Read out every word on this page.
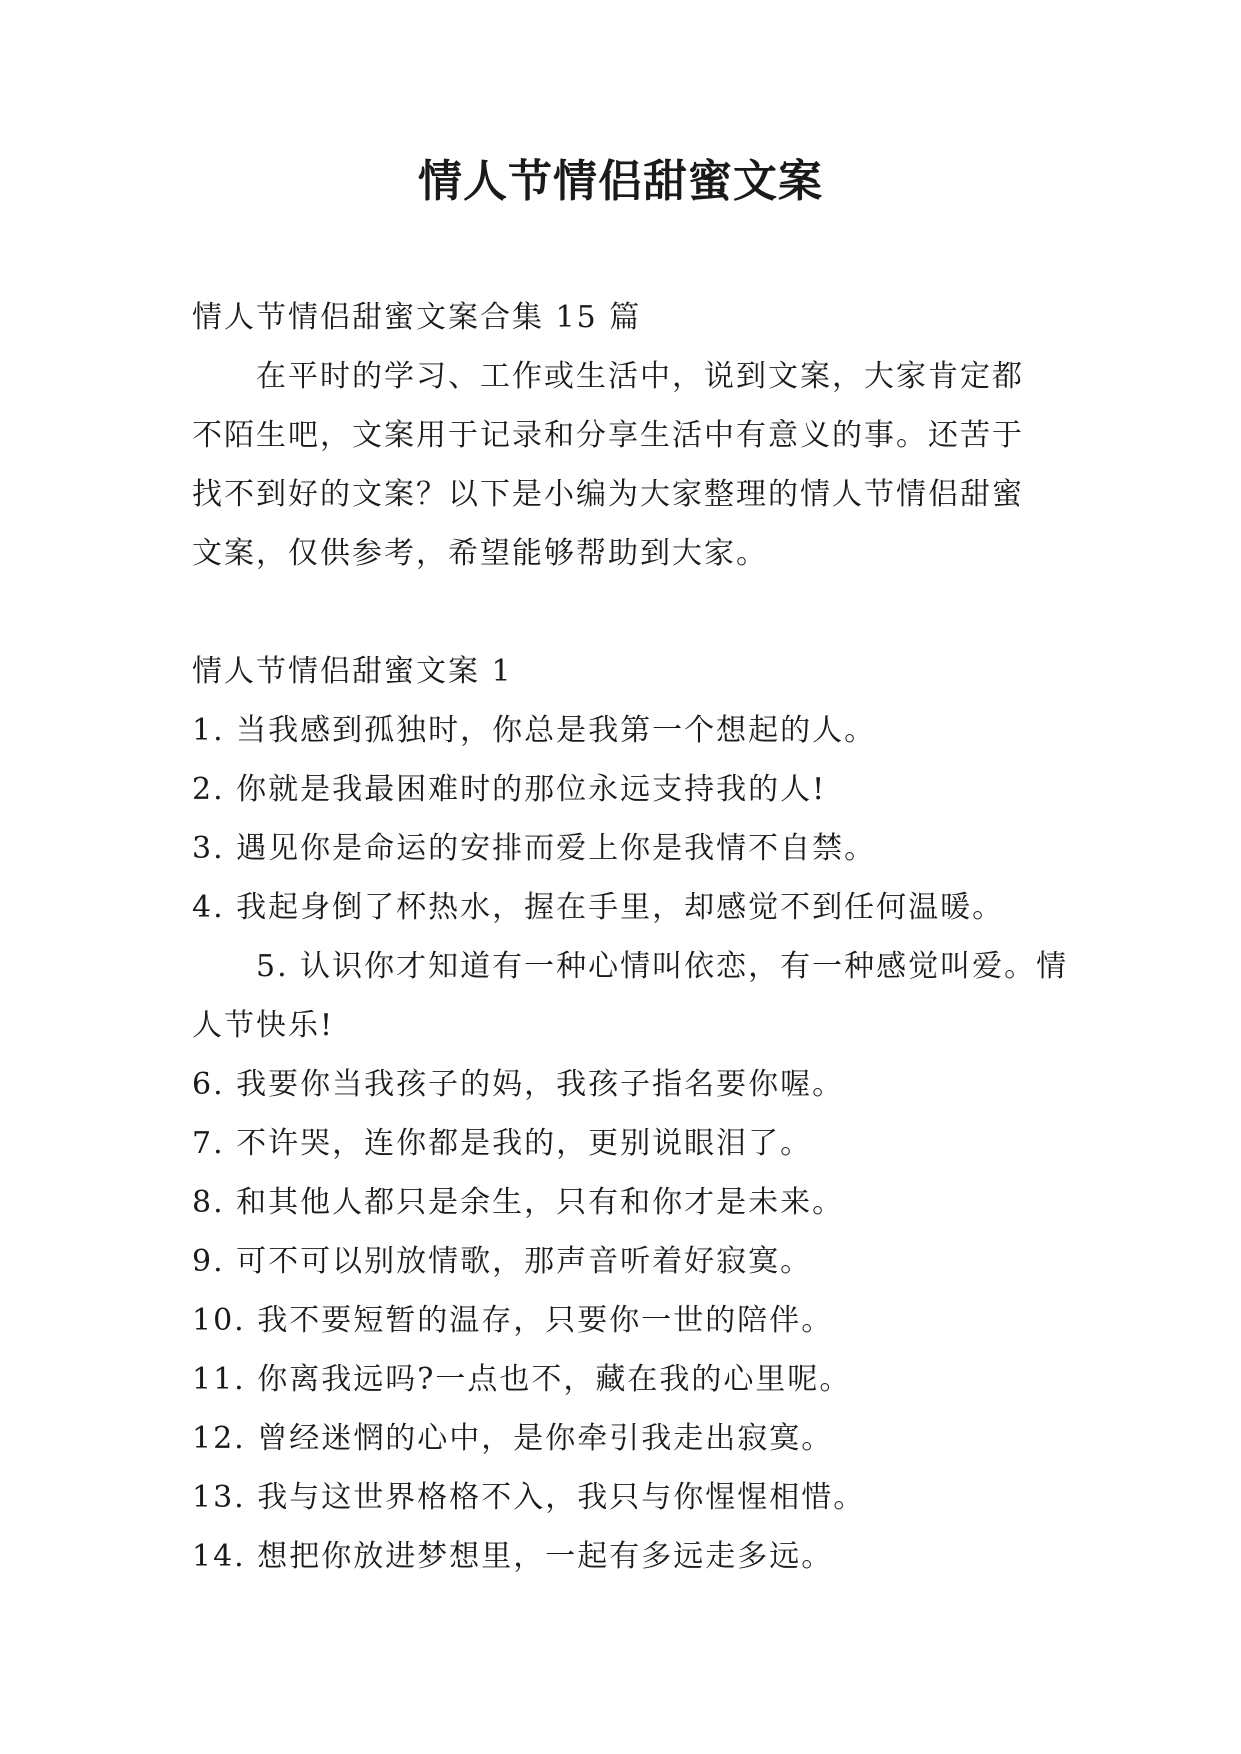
情人节情侣甜蜜文案

情人节情侣甜蜜文案合集 15 篇

在平时的学习、工作或生活中，说到文案，大家肯定都不陌生吧，文案用于记录和分享生活中有意义的事。还苦于找不到好的文案？以下是小编为大家整理的情人节情侣甜蜜文案，仅供参考，希望能够帮助到大家。

情人节情侣甜蜜文案 1

1. 当我感到孤独时，你总是我第一个想起的人。

2. 你就是我最困难时的那位永远支持我的人!

3. 遇见你是命运的安排而爱上你是我情不自禁。

4. 我起身倒了杯热水，握在手里，却感觉不到任何温暖。

5. 认识你才知道有一种心情叫依恋，有一种感觉叫爱。情人节快乐!

6. 我要你当我孩子的妈，我孩子指名要你喔。

7. 不许哭，连你都是我的，更别说眼泪了。

8. 和其他人都只是余生，只有和你才是未来。

9. 可不可以别放情歌，那声音听着好寂寞。

10. 我不要短暂的温存，只要你一世的陪伴。

11. 你离我远吗?一点也不，藏在我的心里呢。

12. 曾经迷惘的心中，是你牵引我走出寂寞。

13. 我与这世界格格不入，我只与你惺惺相惜。

14. 想把你放进梦想里，一起有多远走多远。
